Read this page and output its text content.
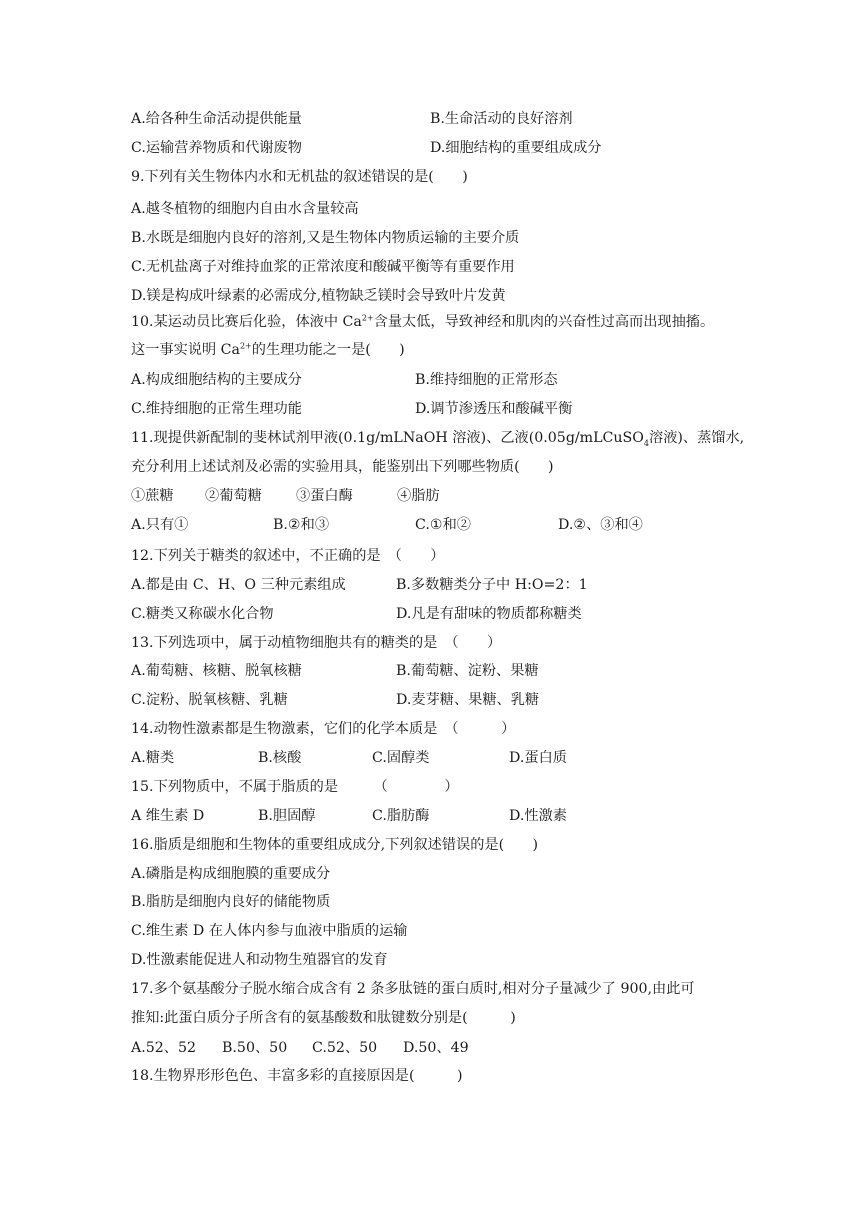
A.给各种生命活动提供能量	B.生命活动的良好溶剂
C.运输营养物质和代谢废物	D.细胞结构的重要组成成分
9.下列有关生物体内水和无机盐的叙述错误的是(　　)
A.越冬植物的细胞内自由水含量较高
B.水既是细胞内良好的溶剂,又是生物体内物质运输的主要介质
C.无机盐离子对维持血浆的正常浓度和酸碱平衡等有重要作用
D.镁是构成叶绿素的必需成分,植物缺乏镁时会导致叶片发黄
10.某运动员比赛后化验，体液中 $Ca^{2+}$含量太低，导致神经和肌肉的兴奋性过高而出现抽搐。
这一事实说明 $Ca^{2+}$的生理功能之一是(　　)
A.构成细胞结构的主要成分	B.维持细胞的正常形态
C.维持细胞的正常生理功能	D.调节渗透压和酸碱平衡
11.现提供新配制的斐林试剂甲液(0.1g/mLNaOH 溶液)、乙液(0.05g/mLCuSO$_4$溶液)、蒸馏水,
充分利用上述试剂及必需的实验用具，能鉴别出下列哪些物质(　　)
①蔗糖 ②葡萄糖 ③蛋白酶	④脂肪
A.只有①	B.②和③	C.①和②	D.②、③和④
12.下列关于糖类的叙述中，不正确的是　（　　）
A.都是由 C、H、O 三种元素组成	B.多数糖类分子中 H:O=2：1
C.糖类又称碳水化合物	D.凡是有甜味的物质都称糖类
13.下列选项中，属于动植物细胞共有的糖类的是　（　　）
A.葡萄糖、核糖、脱氧核糖	B.葡萄糖、淀粉、果糖
C.淀粉、脱氧核糖、乳糖	D.麦芽糖、果糖、乳糖
14.动物性激素都是生物激素，它们的化学本质是　（　　　）
A.糖类	B.核酸	C.固醇类	D.蛋白质
15.下列物质中，不属于脂质的是　　　（　　　　）
A 维生素 D	B.胆固醇	C.脂肪酶	D.性激素
16.脂质是细胞和生物体的重要组成成分,下列叙述错误的是(　　)
A.磷脂是构成细胞膜的重要成分
B.脂肪是细胞内良好的储能物质
C.维生素 D 在人体内参与血液中脂质的运输
D.性激素能促进人和动物生殖器官的发育
17.多个氨基酸分子脱水缩合成含有 2 条多肽链的蛋白质时,相对分子量减少了 900,由此可
推知:此蛋白质分子所含有的氨基酸数和肽键数分别是(　　　)
A.52、52 B.50、50 C.52、50 D.50、49
18.生物界形形色色、丰富多彩的直接原因是(　　　)
